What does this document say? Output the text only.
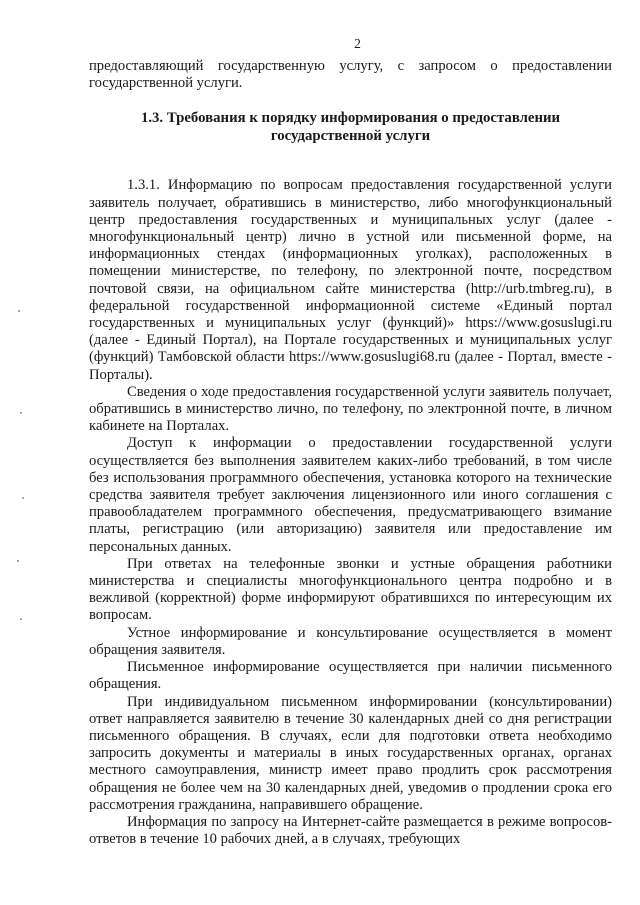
2

предоставляющий государственную услугу, с запросом о предоставлении государственной услуги.

1.3. Требования к порядку информирования о предоставлении
государственной услуги

1.3.1. Информацию по вопросам предоставления государственной услуги заявитель получает, обратившись в министерство, либо многофункциональный центр предоставления государственных и муниципальных услуг (далее - многофункциональный центр) лично в устной или письменной форме, на информационных стендах (информационных уголках), расположенных в помещении министерстве, по телефону, по электронной почте, посредством почтовой связи, на официальном сайте министерства (http://urb.tmbreg.ru), в федеральной государственной информационной системе «Единый портал государственных и муниципальных услуг (функций)» https://www.gosuslugi.ru (далее - Единый Портал), на Портале государственных и муниципальных услуг (функций) Тамбовской области https://www.gosuslugi68.ru (далее - Портал, вместе - Порталы).

Сведения о ходе предоставления государственной услуги заявитель получает, обратившись в министерство лично, по телефону, по электронной почте, в личном кабинете на Порталах.

Доступ к информации о предоставлении государственной услуги осуществляется без выполнения заявителем каких-либо требований, в том числе без использования программного обеспечения, установка которого на технические средства заявителя требует заключения лицензионного или иного соглашения с правообладателем программного обеспечения, предусматривающего взимание платы, регистрацию (или авторизацию) заявителя или предоставление им персональных данных.

При ответах на телефонные звонки и устные обращения работники министерства и специалисты многофункционального центра подробно и в вежливой (корректной) форме информируют обратившихся по интересующим их вопросам.

Устное информирование и консультирование осуществляется в момент обращения заявителя.

Письменное информирование осуществляется при наличии письменного обращения.

При индивидуальном письменном информировании (консультировании) ответ направляется заявителю в течение 30 календарных дней со дня регистрации письменного обращения. В случаях, если для подготовки ответа необходимо запросить документы и материалы в иных государственных органах, органах местного самоуправления, министр имеет право продлить срок рассмотрения обращения не более чем на 30 календарных дней, уведомив о продлении срока его рассмотрения гражданина, направившего обращение.

Информация по запросу на Интернет-сайте размещается в режиме вопросов-ответов в течение 10 рабочих дней, а в случаях, требующих
